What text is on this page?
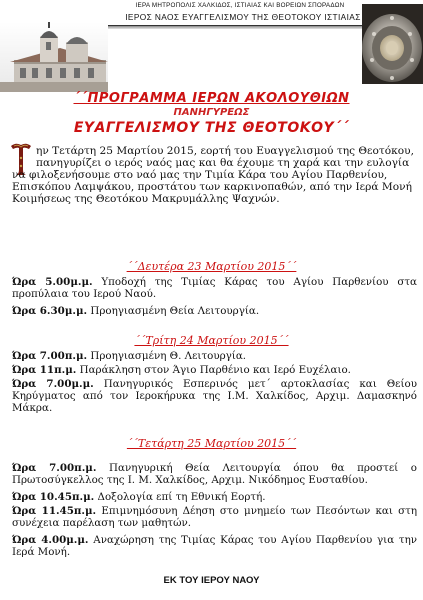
ΙΕΡΑ ΜΗΤΡΟΠΟΛΙΣ ΧΑΛΚΙΔΟΣ, ΙΣΤΙΑΙΑΣ ΚΑΙ ΒΟΡΕΙΩΝ ΣΠΟΡΑΔΩΝ
ΙΕΡΟΣ ΝΑΟΣ ΕΥΑΓΓΕΛΙΣΜΟΥ ΤΗΣ ΘΕΟΤΟΚΟΥ ΙΣΤΙΑΙΑΣ
´´ΠΡΟΓΡΑΜΜΑ ΙΕΡΩΝ ΑΚΟΛΟΥΘΙΩΝ
ΠΑΝΗΓΥΡΕΩΣ
ΕΥΑΓΓΕΛΙΣΜΟΥ ΤΗΣ ΘΕΟΤΟΚΟΥ´´
ην Τετάρτη 25 Μαρτίου 2015, εορτή του Ευαγγελισμού της Θεοτόκου,
πανηγυρίζει ο ιερός ναός μας και θα έχουμε τη χαρά και την ευλογία
να φιλοξενήσουμε στο ναό μας την Τιμία Κάρα του Αγίου Παρθενίου,
Επισκόπου Λαμψάκου, προστάτου των καρκινοπαθών, από την Ιερά Μονή
Κοιμήσεως της Θεοτόκου Μακρυμάλλης Ψαχνών.
´´Δευτέρα 23 Μαρτίου 2015´´
Ώρα 5.00μ.μ. Υποδοχή της Τιμίας Κάρας του Αγίου Παρθενίου στα προπύλαια του Ιερού Ναού.
Ώρα 6.30μ.μ. Προηγιασμένη Θεία Λειτουργία.
´´Τρίτη 24 Μαρτίου 2015´´
Ώρα 7.00π.μ. Προηγιασμένη Θ. Λειτουργία.
Ώρα 11π.μ. Παράκληση στον Άγιο Παρθένιο και Ιερό Ευχέλαιο.
Ώρα 7.00μ.μ. Πανηγυρικός Εσπερινός μετ΄ αρτοκλασίας και Θείου Κηρύγματος από τον Ιεροκήρυκα της Ι.Μ. Χαλκίδος, Αρχιμ. Δαμασκηνό Μάκρα.
´´Τετάρτη 25 Μαρτίου 2015´´
Ώρα 7.00π.μ. Πανηγυρική Θεία Λειτουργία όπου θα προστεί ο Πρωτοσύγκελλος της Ι. Μ. Χαλκίδος, Αρχιμ. Νικόδημος Ευσταθίου.
Ώρα 10.45π.μ. Δοξολογία επί τη Εθνική Εορτή.
Ώρα 11.45π.μ. Επιμνημόσυνη Δέηση στο μνημείο των Πεσόντων και στη συνέχεια παρέλαση των μαθητών.
Ώρα 4.00μ.μ. Αναχώρηση της Τιμίας Κάρας του Αγίου Παρθενίου για την Ιερά Μονή.
ΕΚ ΤΟΥ ΙΕΡΟΥ ΝΑΟΥ
